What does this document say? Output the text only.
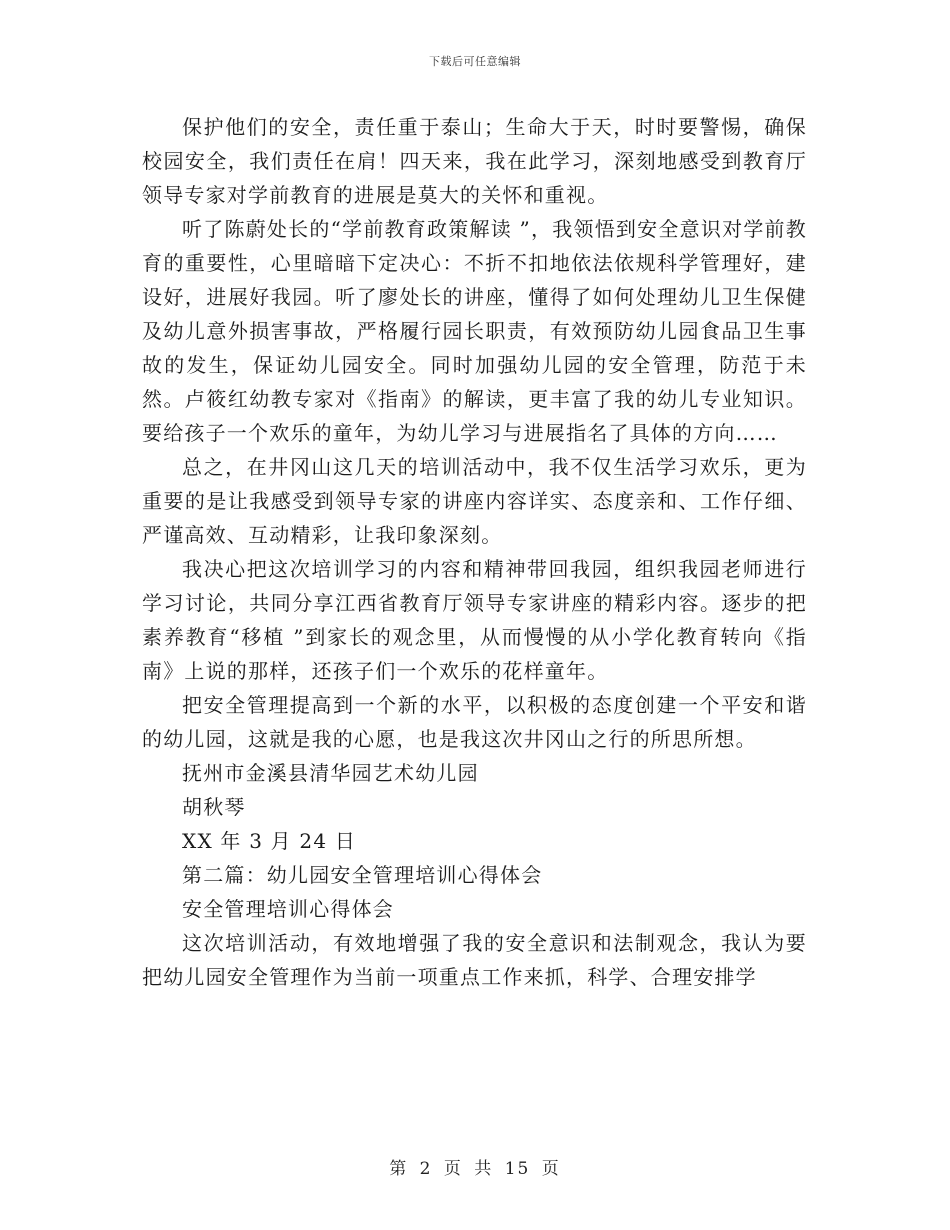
下载后可任意编辑

保护他们的安全，责任重于泰山；生命大于天，时时要警惕，确保校园安全，我们责任在肩！四天来，我在此学习，深刻地感受到教育厅领导专家对学前教育的进展是莫大的关怀和重视。

听了陈蔚处长的“学前教育政策解读 ”，我领悟到安全意识对学前教育的重要性，心里暗暗下定决心：不折不扣地依法依规科学管理好，建设好，进展好我园。听了廖处长的讲座，懂得了如何处理幼儿卫生保健及幼儿意外损害事故，严格履行园长职责，有效预防幼儿园食品卫生事故的发生，保证幼儿园安全。同时加强幼儿园的安全管理，防范于未然。卢筱红幼教专家对《指南》的解读，更丰富了我的幼儿专业知识。要给孩子一个欢乐的童年，为幼儿学习与进展指名了具体的方向……

总之，在井冈山这几天的培训活动中，我不仅生活学习欢乐，更为重要的是让我感受到领导专家的讲座内容详实、态度亲和、工作仔细、严谨高效、互动精彩，让我印象深刻。

我决心把这次培训学习的内容和精神带回我园，组织我园老师进行学习讨论，共同分享江西省教育厅领导专家讲座的精彩内容。逐步的把素养教育“移植 ”到家长的观念里，从而慢慢的从小学化教育转向《指南》上说的那样，还孩子们一个欢乐的花样童年。

把安全管理提高到一个新的水平，以积极的态度创建一个平安和谐的幼儿园，这就是我的心愿，也是我这次井冈山之行的所思所想。

抚州市金溪县清华园艺术幼儿园

胡秋琴

XX 年 3 月 24 日

第二篇：幼儿园安全管理培训心得体会

安全管理培训心得体会

这次培训活动，有效地增强了我的安全意识和法制观念，我认为要把幼儿园安全管理作为当前一项重点工作来抓，科学、合理安排学

第 2 页 共 15 页
